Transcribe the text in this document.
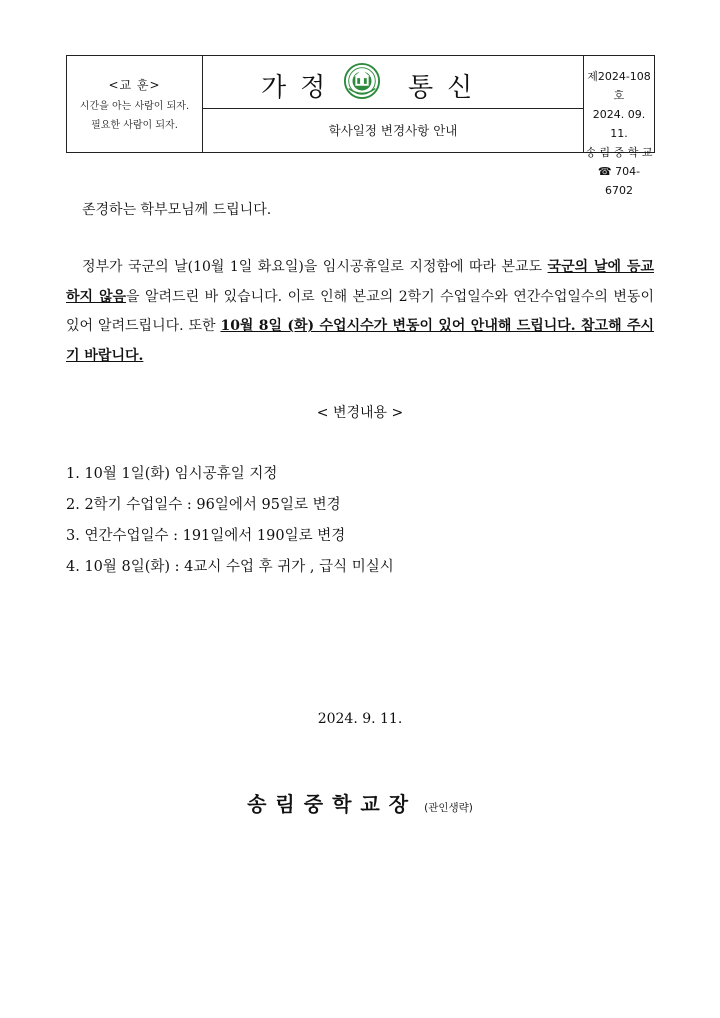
<교 훈>
시간을 아는 사람이 되자.
필요한 사람이 되자.
가정	통신
학사일정 변경사항 안내
제2024-108호
2024. 09. 11.
송 림 중 학 교
☎ 704-6702
존경하는 학부모님께 드립니다.
정부가 국군의 날(10월 1일 화요일)을 임시공휴일로 지정함에 따라 본교도 국군의 날에 등교하지 않음을 알려드린 바 있습니다. 이로 인해 본교의 2학기 수업일수와 연간수업일수의 변동이 있어 알려드립니다. 또한 10월 8일 (화) 수업시수가 변동이 있어 안내해 드립니다. 참고해 주시기 바랍니다.
< 변경내용 >
1. 10월 1일(화) 임시공휴일 지정
2. 2학기 수업일수 : 96일에서 95일로 변경
3. 연간수업일수 : 191일에서 190일로 변경
4. 10월 8일(화) : 4교시 수업 후 귀가 , 급식 미실시
2024. 9. 11.
송림중학교장 (관인생략)
